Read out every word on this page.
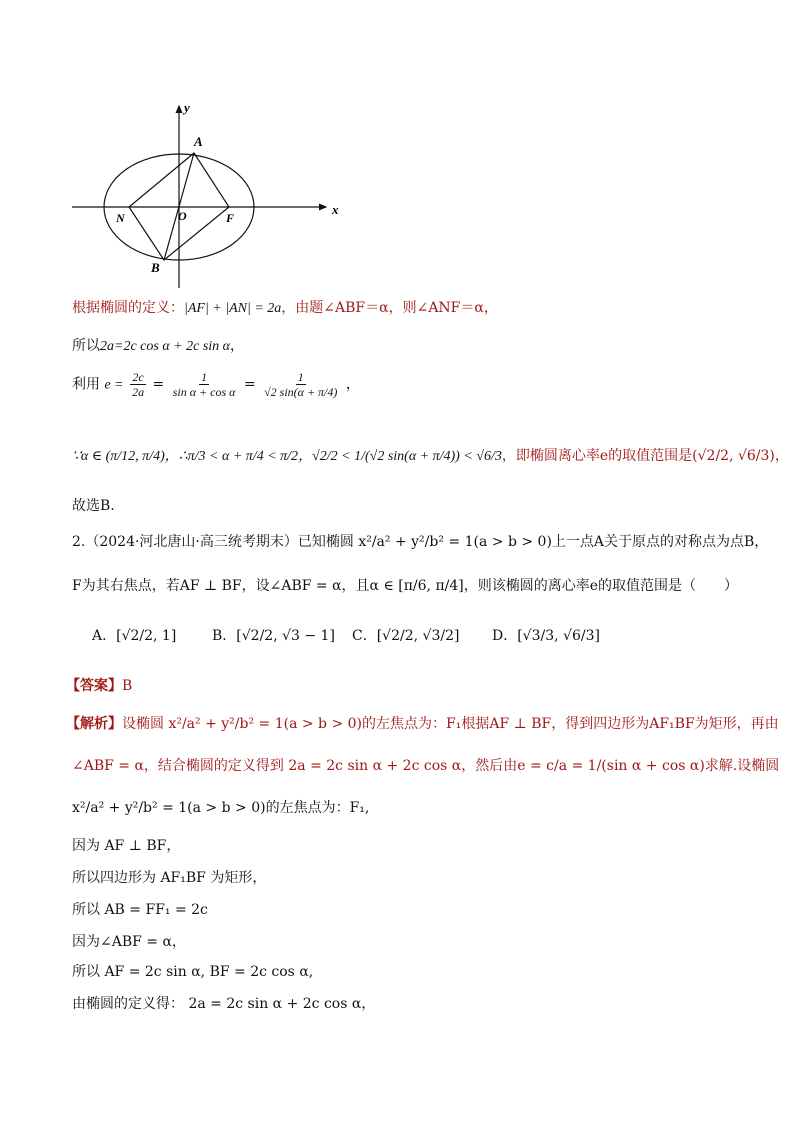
y
x
A
O
N	F
B
根据椭圆的定义：|AF| + |AN| = 2a，由题∠ABF＝α，则∠ANF＝α，
所以2a=2c cos α + 2c sin α，
利用 $e = \frac{2c}{2a} = \frac{1}{\text{sin α + cos α}} = \frac{1}{√2 \sin(\alpha + \pi/4)}$ ，
∵α ∈ (π/12, π/4)，∴π/3 < α + π/4 < π/2，√2/2 < 1/(√2 sin(α + π/4)) < √6/3，即椭圆离心率e的取值范围是(√2/2, √6/3)，
故选B.
2.（2024·河北唐山·高三统考期末）已知椭圆 x²/a² + y²/b² = 1(a > b > 0)上一点A关于原点的对称点为点B，
F为其右焦点，若AF ⊥ BF，设∠ABF = α，且α ∈ [π/6, π/4]，则该椭圆的离心率e的取值范围是（　　）
A．[√2/2, 1]	B．[√2/2, √3 − 1] C．[√2/2, √3/2] D．[√3/3, √6/3]
【答案】B
【解析】设椭圆 x²/a² + y²/b² = 1(a > b > 0)的左焦点为：F₁根据AF ⊥ BF，得到四边形为AF₁BF为矩形，再由
∠ABF = α，结合椭圆的定义得到 2a = 2c sin α + 2c cos α，然后由e = c/a = 1/(sin α + cos α)求解.设椭圆
x²/a² + y²/b² = 1(a > b > 0)的左焦点为：F₁,
因为 AF ⊥ BF，
所以四边形为 AF₁BF 为矩形，
所以 AB = FF₁ = 2c
因为∠ABF = α，
所以 AF = 2c sin α, BF = 2c cos α,
由椭圆的定义得： 2a = 2c sin α + 2c cos α，
